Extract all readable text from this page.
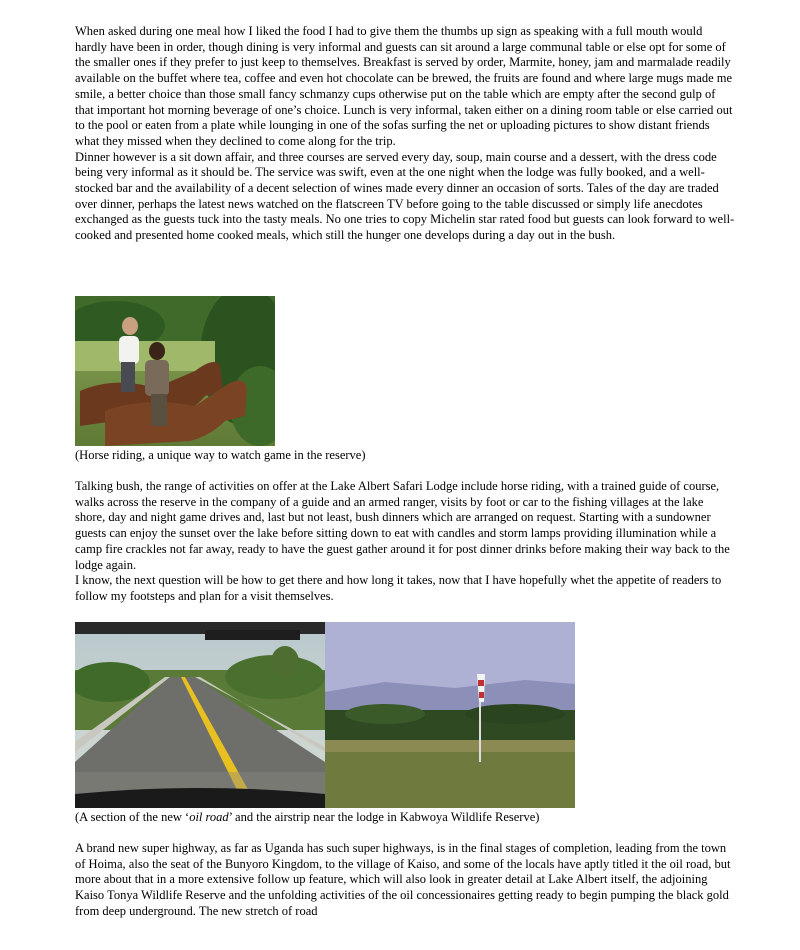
When asked during one meal how I liked the food I had to give them the thumbs up sign as speaking with a full mouth would hardly have been in order, though dining is very informal and guests can sit around a large communal table or else opt for some of the smaller ones if they prefer to just keep to themselves. Breakfast is served by order, Marmite, honey, jam and marmalade readily available on the buffet where tea, coffee and even hot chocolate can be brewed, the fruits are found and where large mugs made me smile, a better choice than those small fancy schmanzy cups otherwise put on the table which are empty after the second gulp of that important hot morning beverage of one’s choice. Lunch is very informal, taken either on a dining room table or else carried out to the pool or eaten from a plate while lounging in one of the sofas surfing the net or uploading pictures to show distant friends what they missed when they declined to come along for the trip.

Dinner however is a sit down affair, and three courses are served every day, soup, main course and a dessert, with the dress code being very informal as it should be. The service was swift, even at the one night when the lodge was fully booked, and a well-stocked bar and the availability of a decent selection of wines made every dinner an occasion of sorts. Tales of the day are traded over dinner, perhaps the latest news watched on the flatscreen TV before going to the table discussed or simply life anecdotes exchanged as the guests tuck into the tasty meals. No one tries to copy Michelin star rated food but guests can look forward to well-cooked and presented home cooked meals, which still the hunger one develops during a day out in the bush.

(Horse riding, a unique way to watch game in the reserve)

Talking bush, the range of activities on offer at the Lake Albert Safari Lodge include horse riding, with a trained guide of course, walks across the reserve in the company of a guide and an armed ranger, visits by foot or car to the fishing villages at the lake shore, day and night game drives and, last but not least, bush dinners which are arranged on request. Starting with a sundowner guests can enjoy the sunset over the lake before sitting down to eat with candles and storm lamps providing illumination while a camp fire crackles not far away, ready to have the guest gather around it for post dinner drinks before making their way back to the lodge again.

I know, the next question will be how to get there and how long it takes, now that I have hopefully whet the appetite of readers to follow my footsteps and plan for a visit themselves.

(A section of the new ‘oil road’ and the airstrip near the lodge in Kabwoya Wildlife Reserve)

A brand new super highway, as far as Uganda has such super highways, is in the final stages of completion, leading from the town of Hoima, also the seat of the Bunyoro Kingdom, to the village of Kaiso, and some of the locals have aptly titled it the oil road, but more about that in a more extensive follow up feature, which will also look in greater detail at Lake Albert itself, the adjoining Kaiso Tonya Wildlife Reserve and the unfolding activities of the oil concessionaires getting ready to begin pumping the black gold from deep underground. The new stretch of road
